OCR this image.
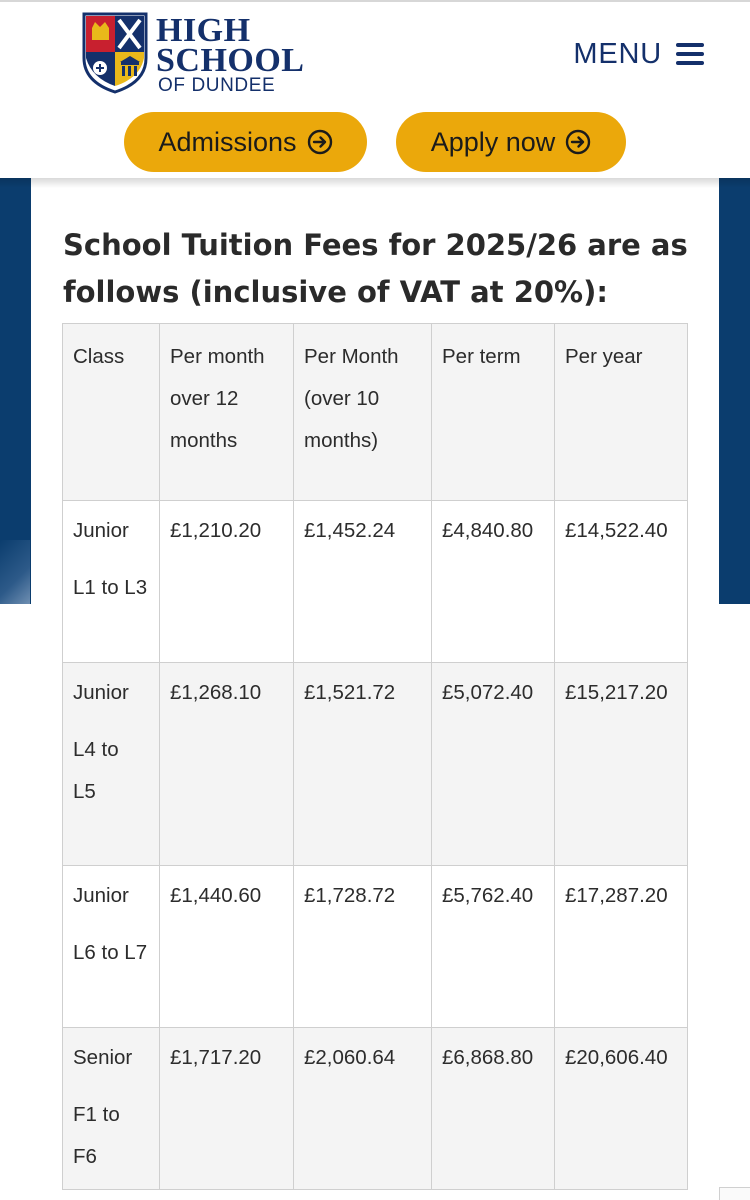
HIGH
SCHOOL
OF DUNDEE
MENU
Admissions	Apply now
School Tuition Fees for 2025/26 are as follows (inclusive of VAT at 20%):
Class	Per month over 12 months	Per Month (over 10 months)	Per term	Per year

Junior
L1 to L3	£1,210.20	£1,452.24	£4,840.80	£14,522.40

Junior
L4 to
L5	£1,268.10	£1,521.72	£5,072.40	£15,217.20

Junior
L6 to L7	£1,440.60	£1,728.72	£5,762.40	£17,287.20

Senior
F1 to F6	£1,717.20	£2,060.64	£6,868.80	£20,606.40
